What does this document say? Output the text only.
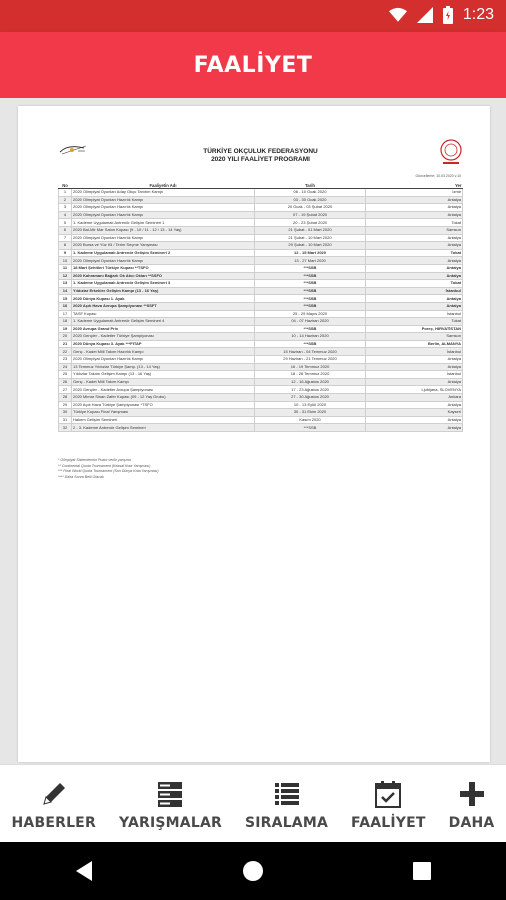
1:23
FAALİYET
TÜRKİYE OKÇULUK FEDERASYONU
2020 YILI FAALİYET PROGRAMI
Güncelleme: 10.03.2020 v.10
No	Faaliyetin Adı	Tarih	Yer
1	2020 Olimpiyat Oyunları Aday Okçu Tanıtım Kampı	06 - 10 Ocak 2020	İzmir
2	2020 Olimpiyat Oyunları Hazırlık Kampı	03 - 30 Ocak 2020	Antalya
3	2020 Olimpiyat Oyunları Hazırlık Kampı	20 Ocak - 03 Şubat 2020	Antalya
4	2020 Olimpiyat Oyunları Hazırlık Kampı	07 - 19 Şubat 2020	Antalya
5	1. Kademe Uygulamalı Antrenör Gelişim Semineri 1	20 - 23 Şubat 2020	Tokat
6	2020 Bal-Mir Mar Salon Kupası (9 - 10 / 11 - 12 / 13 - 14 Yaş)	21 Şubat - 01 Mart 2020	Samsun
7	2020 Olimpiyat Oyunları Hazırlık Kampı	21 Şubat - 10 Mart 2020	Antalya
8	2020 Bursa ve Yüz Kil / Terim Seçme Yarışması	29 Şubat - 10 Mart 2020	Antalya
9	1. Kademe Uygulamalı Antrenör Gelişim Semineri 2	12 - 15 Mart 2020	Tokat
10	2020 Olimpiyat Oyunları Hazırlık Kampı	13 - 27 Mart 2020	Antalya
11	18 Mart Şehitleri Türkiye Kupası **TSFO	***SSB	Antalya
12	2020 Kahramanı Bağarlı Ok Atıcı Okları **SSFO	***SSB	Antalya
13	1. Kademe Uygulamalı Antrenör Gelişim Semineri 3	***SSB	Tokat
14	Yıldızlar Erkekler Gelişim Kampı (13 - 16 Yaş)	***SSB	İstanbul
15	2020 Dünya Kupası 1. Ayak	***SSB	Antalya
16	2020 Açık Hava Avrupa Şampiyonası **SSFT	***SSB	Antalya
17	TASF Kupası	25 - 29 Mayıs 2020	İstanbul
18	1. Kademe Uygulamalı Antrenör Gelişim Semineri 4	04 - 07 Haziran 2020	Tokat
19	2020 Avrupa Grand Prix	***SSB	Poreç, HIRVATİSTAN
20	2020 Gençler - Kadetler Türkiye Şampiyonası	10 - 14 Haziran 2020	Samsun
21	2020 Dünya Kupası 3. Ayak ***FITAP	***SSB	Berlin, ALMANYA
22	Genç - Kadet Milli Takım Hazırlık Kampı	15 Haziran - 04 Temmuz 2020	İstanbul
23	2020 Olimpiyat Oyunları Hazırlık Kampı	29 Haziran - 21 Temmuz 2020	Antalya
24	13 Temmuz Yıldızlar Türkiye Şamp. (13 - 14 Yaş)	16 - 19 Temmuz 2020	Antalya
25	Yıldızlar Takımı Gelişim Kampı (13 - 16 Yaş)	18 - 26 Temmuz 2020	İstanbul
26	Genç - Kadet Milli Takım Kampı	12 - 16 Ağustos 2020	Antalya
27	2020 Gençler - Kadetler Avrupa Şampiyonası	17 - 23 Ağustos 2020	Ljubljana, SLOVENYA
28	2020 Mimar Sinan Zafer Kupası (09 - 12 Yaş Grubu)	27 - 30 Ağustos 2020	Ankara
29	2020 Açık Hava Türkiye Şampiyonası *TSFO	10 - 13 Eylül 2020	Antalya
30	Türkiye Kupası Final Yarışması	30 - 31 Ekim 2020	Kayseri
31	Hakem Gelişim Semineri	Kasım 2020	Antalya
32	2 - 3. Kademe Antrenör Gelişim Semineri	***SSB	Antalya
* Olimpiyat Sistemlerinin Puanı verilir yarışma
** Continental Quota Tournament (Kıtasal Kota Yarışması)
*** Final World Quota Tournament (Son Dünya Kota Yarışması)
**** Daha Sonra Belli Olacak
HABERLER YARIŞMALAR SIRALAMA FAALİYET DAHA
